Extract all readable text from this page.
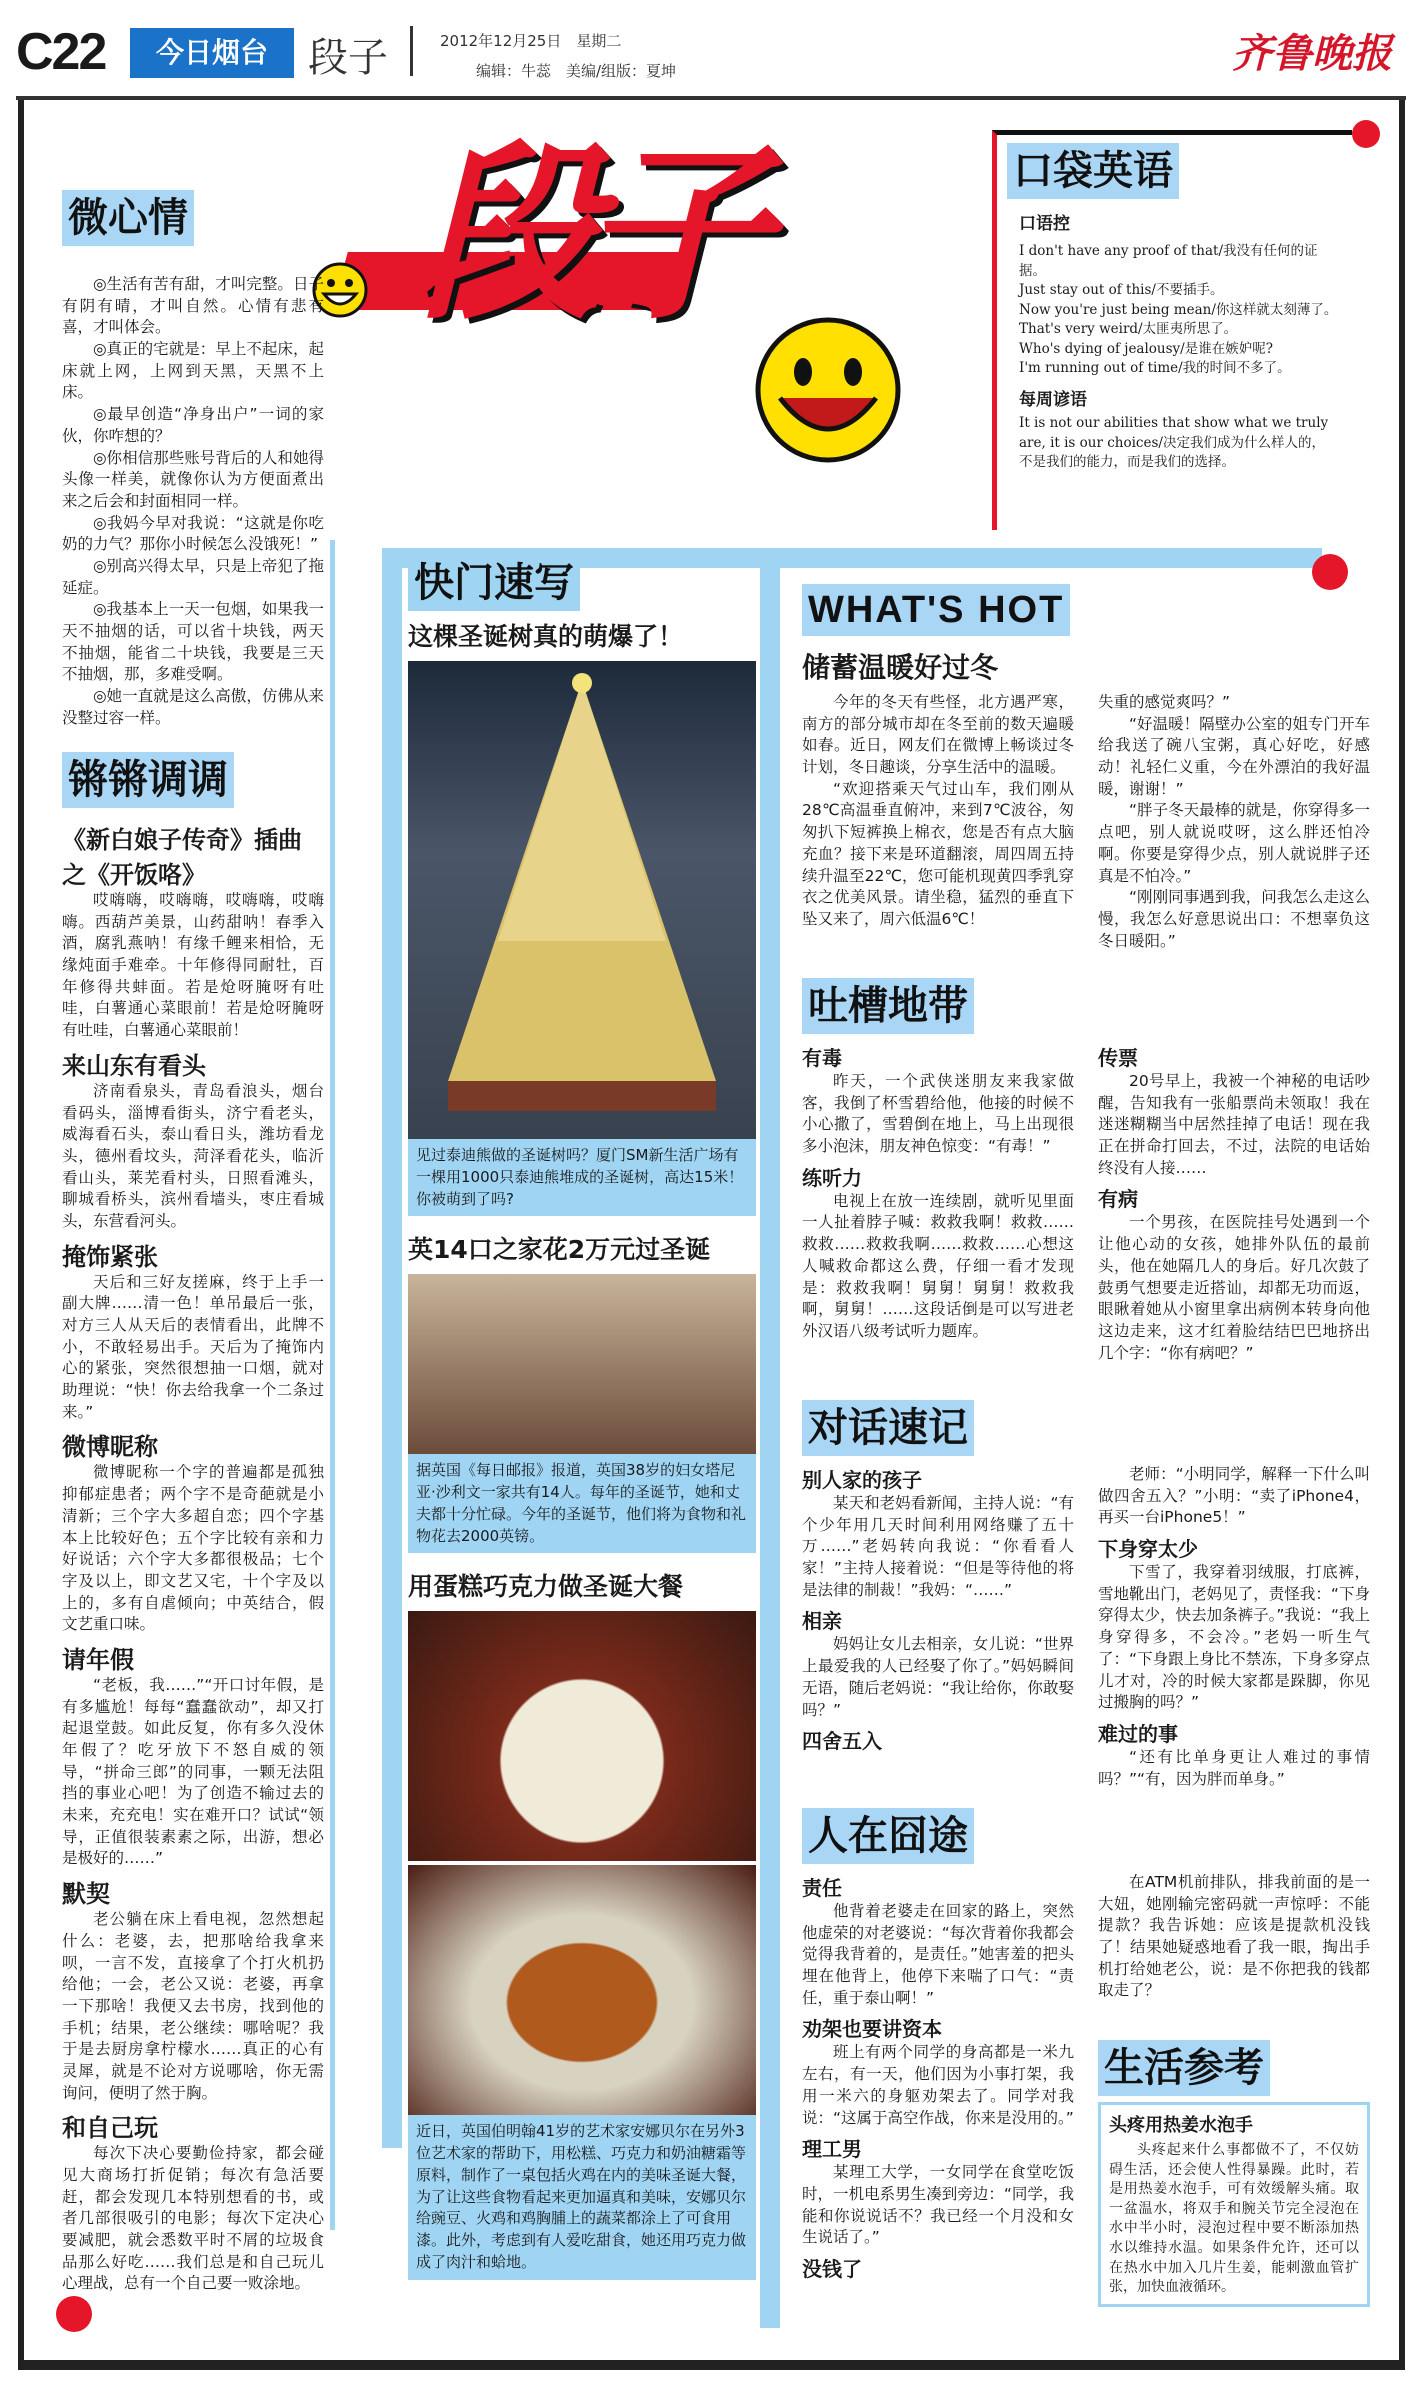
C22	今日烟台	段子	2012年12月25日　星期二
编辑：牛蕊　美编/组版：夏坤	齐鲁晚报
段子
微心情

◎生活有苦有甜，才叫完整。日子有阴有晴，才叫自然。心情有悲有喜，才叫体会。

◎真正的宅就是：早上不起床，起床就上网，上网到天黑，天黑不上床。

◎最早创造“净身出户”一词的家伙，你咋想的？

◎你相信那些账号背后的人和她得头像一样美，就像你认为方便面煮出来之后会和封面相同一样。

◎我妈今早对我说：“这就是你吃奶的力气？那你小时候怎么没饿死！”

◎别高兴得太早，只是上帝犯了拖延症。

◎我基本上一天一包烟，如果我一天不抽烟的话，可以省十块钱，两天不抽烟，能省二十块钱，我要是三天不抽烟，那，多难受啊。

◎她一直就是这么高傲，仿佛从来没整过容一样。

锵锵调调
《新白娘子传奇》插曲之《开饭咯》

哎嗨嗨，哎嗨嗨，哎嗨嗨，哎嗨嗨。西葫芦美景，山药甜呐！春季入酒，腐乳燕呐！有缘千鲤来相恰，无缘炖面手难牵。十年修得同耐牡，百年修得共蚌面。若是炝呀腌呀有吐哇，白薯通心菜眼前！若是炝呀腌呀有吐哇，白薯通心菜眼前！

来山东有看头

济南看泉头，青岛看浪头，烟台看码头，淄博看街头，济宁看老头，威海看石头，泰山看日头，潍坊看龙头，德州看坟头，菏泽看花头，临沂看山头，莱芜看村头，日照看滩头，聊城看桥头，滨州看墙头，枣庄看城头，东营看河头。

掩饰紧张

天后和三好友搓麻，终于上手一副大牌……清一色！单吊最后一张，对方三人从天后的表情看出，此牌不小，不敢轻易出手。天后为了掩饰内心的紧张，突然很想抽一口烟，就对助理说：“快！你去给我拿一个二条过来。”

微博昵称

微博昵称一个字的普遍都是孤独抑郁症患者；两个字不是奇葩就是小清新；三个字大多超自恋；四个字基本上比较好色；五个字比较有亲和力好说话；六个字大多都很极品；七个字及以上，即文艺又宅，十个字及以上的，多有自虐倾向；中英结合，假文艺重口味。

请年假

“老板，我……”“开口讨年假，是有多尴尬！每每“蠢蠢欲动”，却又打起退堂鼓。如此反复，你有多久没休年假了？吃牙放下不怒自威的领导，“拼命三郎”的同事，一颗无法阻挡的事业心吧！为了创造不输过去的未来，充充电！实在难开口？试试“领导，正值很装素素之际，出游，想必是极好的……”

默契

老公躺在床上看电视，忽然想起什么：老婆，去，把那啥给我拿来呗，一言不发，直接拿了个打火机扔给他；一会，老公又说：老婆，再拿一下那啥！我便又去书房，找到他的手机；结果，老公继续：哪啥呢？我于是去厨房拿柠檬水……真正的心有灵犀，就是不论对方说哪啥，你无需询问，便明了然于胸。

和自己玩

每次下决心要勤俭持家，都会碰见大商场打折促销；每次有急活要赶，都会发现几本特别想看的书，或者几部很吸引的电影；每次下定决心要减肥，就会悉数平时不屑的垃圾食品那么好吃……我们总是和自己玩儿心理战，总有一个自己要一败涂地。

口袋英语
口语控
I don't have any proof of that/我没有任何的证据。
Just stay out of this/不要插手。
Now you're just being mean/你这样就太刻薄了。
That's very weird/太匪夷所思了。
Who's dying of jealousy/是谁在嫉妒呢?
I'm running out of time/我的时间不多了。
每周谚语
It is not our abilities that show what we truly are, it is our choices/决定我们成为什么样人的，不是我们的能力，而是我们的选择。
快门速写
这棵圣诞树真的萌爆了！
见过泰迪熊做的圣诞树吗？厦门SM新生活广场有一棵用1000只泰迪熊堆成的圣诞树，高达15米！你被萌到了吗?
英14口之家花2万元过圣诞
据英国《每日邮报》报道，英国38岁的妇女塔尼亚·沙利文一家共有14人。每年的圣诞节，她和丈夫都十分忙碌。今年的圣诞节，他们将为食物和礼物花去2000英镑。
用蛋糕巧克力做圣诞大餐
近日，英国伯明翰41岁的艺术家安娜贝尔在另外3位艺术家的帮助下，用松糕、巧克力和奶油糖霜等原料，制作了一桌包括火鸡在内的美味圣诞大餐，为了让这些食物看起来更加逼真和美味，安娜贝尔给豌豆、火鸡和鸡胸脯上的蔬菜都涂上了可食用漆。此外，考虑到有人爱吃甜食，她还用巧克力做成了肉汁和蛤地。
WHAT'S HOT
储蓄温暖好过冬

今年的冬天有些怪，北方遇严寒，南方的部分城市却在冬至前的数天遍暖如春。近日，网友们在微博上畅谈过冬计划，冬日趣谈，分享生活中的温暖。

“欢迎搭乘天气过山车，我们刚从28℃高温垂直俯冲，来到7℃波谷，匆匆扒下短裤换上棉衣，您是否有点大脑充血？接下来是环道翻滚，周四周五持续升温至22℃，您可能机现黄四季乳穿衣之优美风景。请坐稳，猛烈的垂直下坠又来了，周六低温6℃！

失重的感觉爽吗？”

“好温暖！隔壁办公室的姐专门开车给我送了碗八宝粥，真心好吃，好感动！礼轻仁义重，今在外漂泊的我好温暖，谢谢！”

“胖子冬天最棒的就是，你穿得多一点吧，别人就说哎呀，这么胖还怕冷啊。你要是穿得少点，别人就说胖子还真是不怕冷。”

“刚刚同事遇到我，问我怎么走这么慢，我怎么好意思说出口：不想辜负这冬日暖阳。”

吐槽地带
有毒

昨天，一个武侠迷朋友来我家做客，我倒了杯雪碧给他，他接的时候不小心撒了，雪碧倒在地上，马上出现很多小泡沫，朋友神色惊变：“有毒！”

练听力

电视上在放一连续剧，就听见里面一人扯着脖子喊：救救我啊！救救……救救……救救我啊……救救……心想这人喊救命都这么费，仔细一看才发现是：救救我啊！舅舅！舅舅！救救我啊，舅舅！……这段话倒是可以写进老外汉语八级考试听力题库。

传票

20号早上，我被一个神秘的电话吵醒，告知我有一张船票尚未领取！我在迷迷糊糊当中居然挂掉了电话！现在我正在拼命打回去，不过，法院的电话始终没有人接……

有病

一个男孩，在医院挂号处遇到一个让他心动的女孩，她排外队伍的最前头，他在她隔几人的身后。好几次鼓了鼓勇气想要走近搭讪，却都无功而返，眼瞅着她从小窗里拿出病例本转身向他这边走来，这才红着脸结结巴巴地挤出几个字：“你有病吧？”

对话速记
别人家的孩子

某天和老妈看新闻，主持人说：“有个少年用几天时间利用网络赚了五十万……”老妈转向我说：“你看看人家！”主持人接着说：“但是等待他的将是法律的制裁！”我妈：“……”

相亲

妈妈让女儿去相亲，女儿说：“世界上最爱我的人已经娶了你了。”妈妈瞬间无语，随后老妈说：“我让给你，你敢娶吗？”

四舍五入

老师：“小明同学，解释一下什么叫做四舍五入？”小明：“卖了iPhone4，再买一台iPhone5！”

下身穿太少

下雪了，我穿着羽绒服，打底裤，雪地靴出门，老妈见了，责怪我：“下身穿得太少，快去加条裤子。”我说：“我上身穿得多，不会冷。”老妈一听生气了：“下身跟上身比不禁冻，下身多穿点儿才对，冷的时候大家都是跺脚，你见过搬胸的吗？”

难过的事

“还有比单身更让人难过的事情吗？”“有，因为胖而单身。”

人在囧途
责任

他背着老婆走在回家的路上，突然他虚荣的对老婆说：“每次背着你我都会觉得我背着的，是责任。”她害羞的把头埋在他背上，他停下来喘了口气：“责任，重于泰山啊！”

劝架也要讲资本

班上有两个同学的身高都是一米九左右，有一天，他们因为小事打架，我用一米六的身躯劝架去了。同学对我说：“这属于高空作战，你来是没用的。”

理工男

某理工大学，一女同学在食堂吃饭时，一机电系男生凑到旁边：“同学，我能和你说说话不？我已经一个月没和女生说话了。”

没钱了

在ATM机前排队，排我前面的是一大妞，她刚输完密码就一声惊呼：不能提款？我告诉她：应该是提款机没钱了！结果她疑惑地看了我一眼，掏出手机打给她老公，说：是不你把我的钱都取走了？

生活参考
头疼用热姜水泡手

头疼起来什么事都做不了，不仅妨碍生活，还会使人性得暴躁。此时，若是用热姜水泡手，可有效缓解头痛。取一盆温水，将双手和腕关节完全浸泡在水中半小时，浸泡过程中要不断添加热水以维持水温。如果条件允许，还可以在热水中加入几片生姜，能刺激血管扩张，加快血液循环。
